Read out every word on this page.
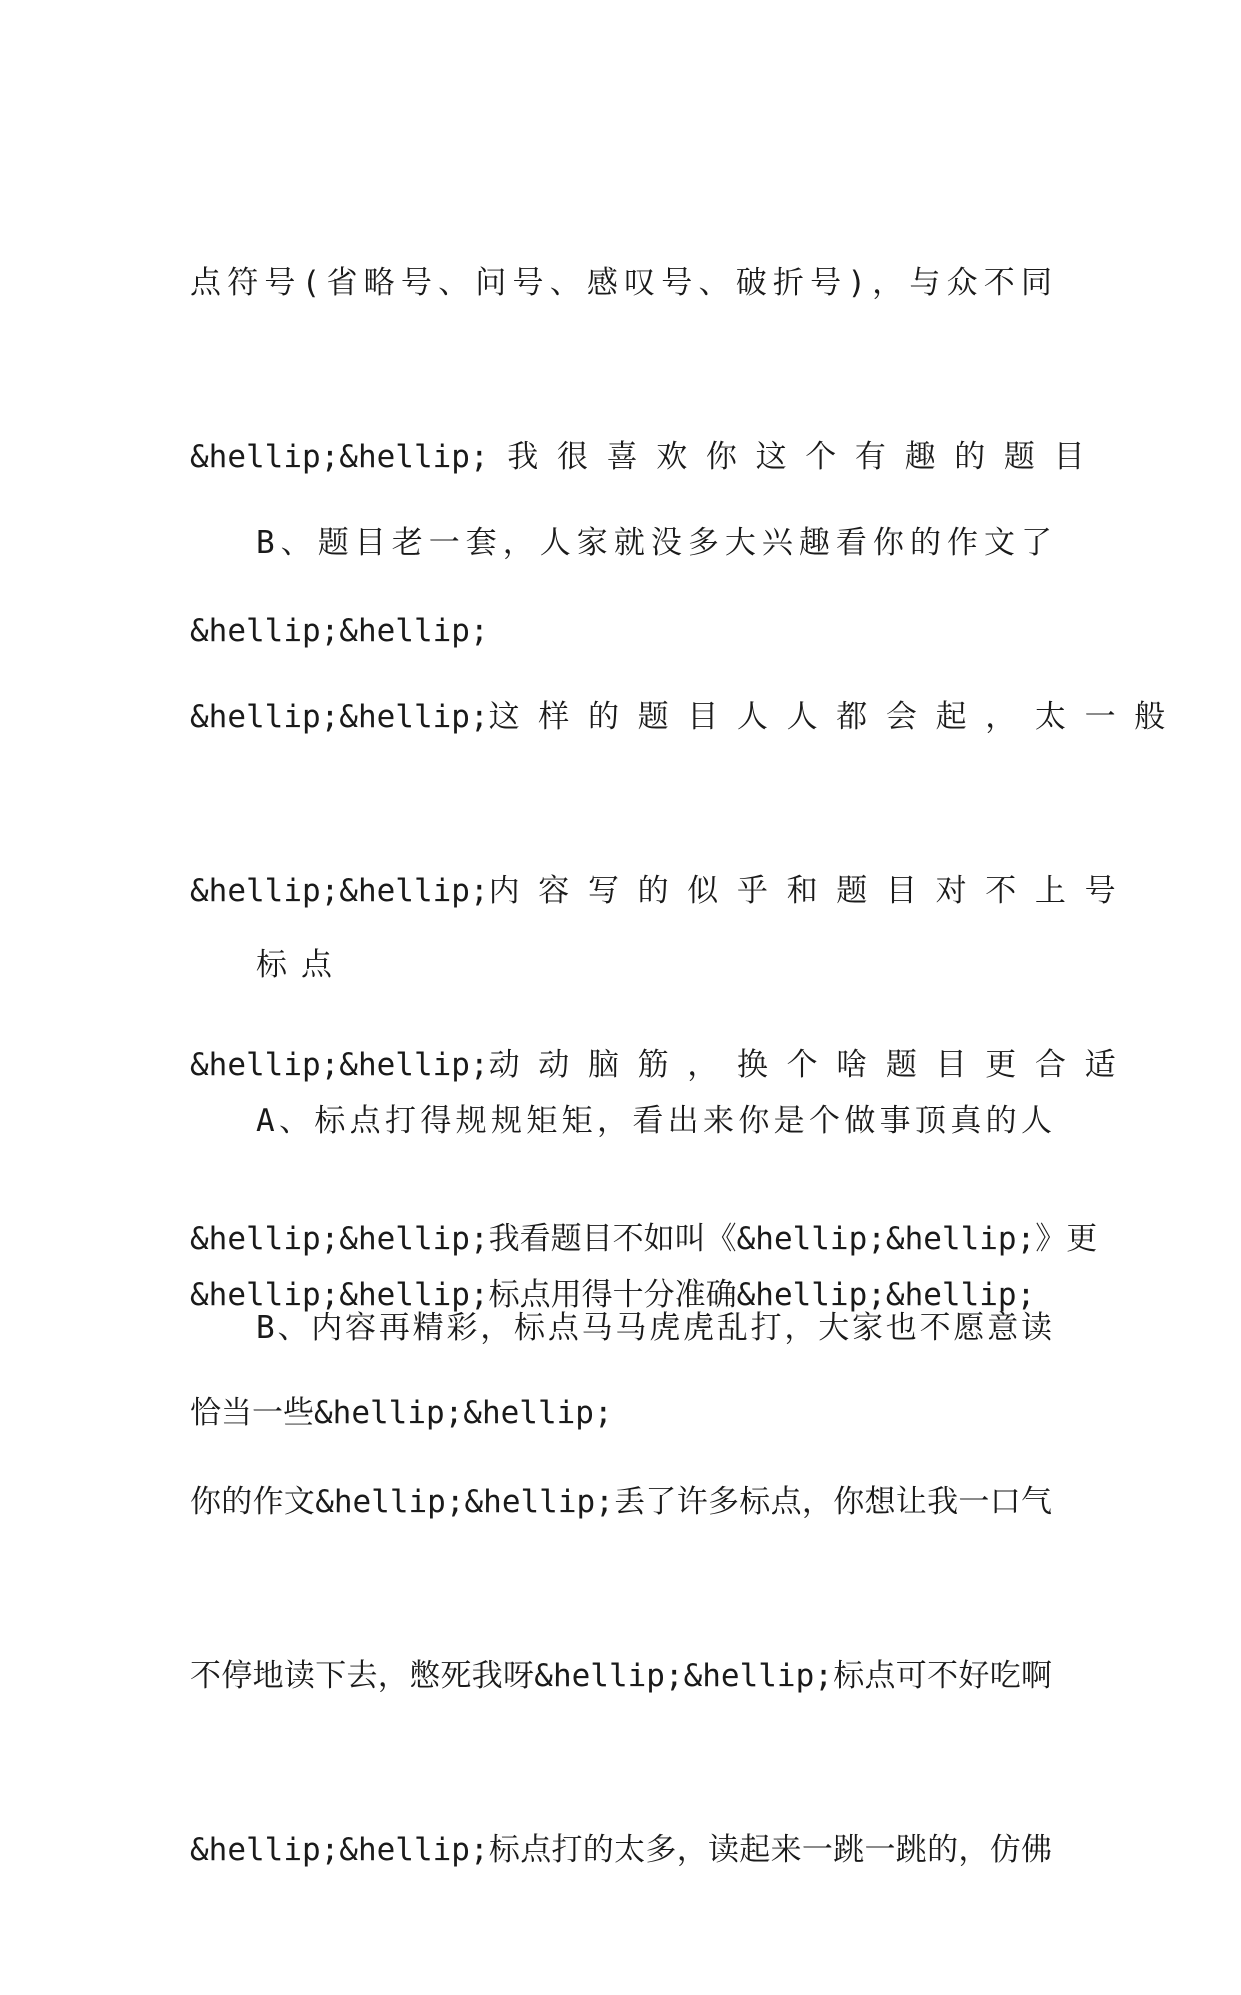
点符号(省略号、问号、感叹号、破折号)，与众不同

&hellip;&hellip; 我 很 喜 欢 你 这 个 有 趣 的 题 目

&hellip;&hellip;

B、题目老一套，人家就没多大兴趣看你的作文了

&hellip;&hellip;这 样 的 题 目 人 人 都 会 起 ， 太 一 般

&hellip;&hellip;内 容 写 的 似 乎 和 题 目 对 不 上 号

&hellip;&hellip;动 动 脑 筋 ， 换 个 啥 题 目 更 合 适

&hellip;&hellip;我看题目不如叫《&hellip;&hellip;》更

恰当一些&hellip;&hellip;

标点

A、标点打得规规矩矩，看出来你是个做事顶真的人

&hellip;&hellip;标点用得十分准确&hellip;&hellip;

B、内容再精彩，标点马马虎虎乱打，大家也不愿意读

你的作文&hellip;&hellip;丢了许多标点，你想让我一口气

不停地读下去，憋死我呀&hellip;&hellip;标点可不好吃啊

&hellip;&hellip;标点打的太多，读起来一跳一跳的，仿佛
